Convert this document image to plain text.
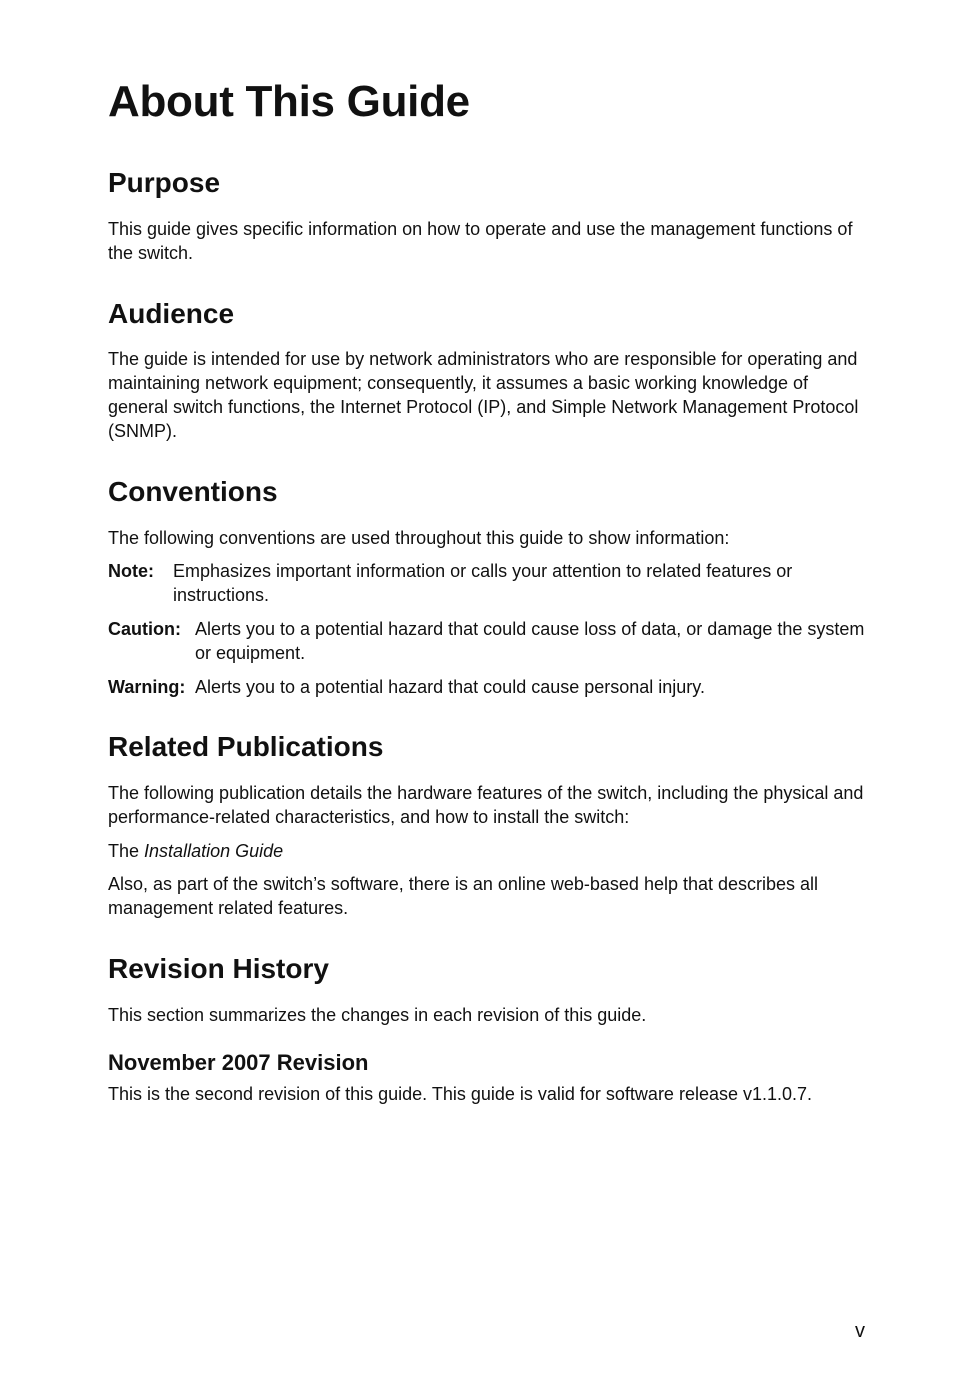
About This Guide
Purpose

This guide gives specific information on how to operate and use the management functions of the switch.

Audience

The guide is intended for use by network administrators who are responsible for operating and maintaining network equipment; consequently, it assumes a basic working knowledge of general switch functions, the Internet Protocol (IP), and Simple Network Management Protocol (SNMP).

Conventions

The following conventions are used throughout this guide to show information:

Note:	Emphasizes important information or calls your attention to related features or instructions.
Caution: Alerts you to a potential hazard that could cause loss of data, or damage the system or equipment.
Warning: Alerts you to a potential hazard that could cause personal injury.
Related Publications

The following publication details the hardware features of the switch, including the physical and performance-related characteristics, and how to install the switch:

The Installation Guide

Also, as part of the switch’s software, there is an online web-based help that describes all management related features.

Revision History

This section summarizes the changes in each revision of this guide.

November 2007 Revision

This is the second revision of this guide. This guide is valid for software release v1.1.0.7.

v
